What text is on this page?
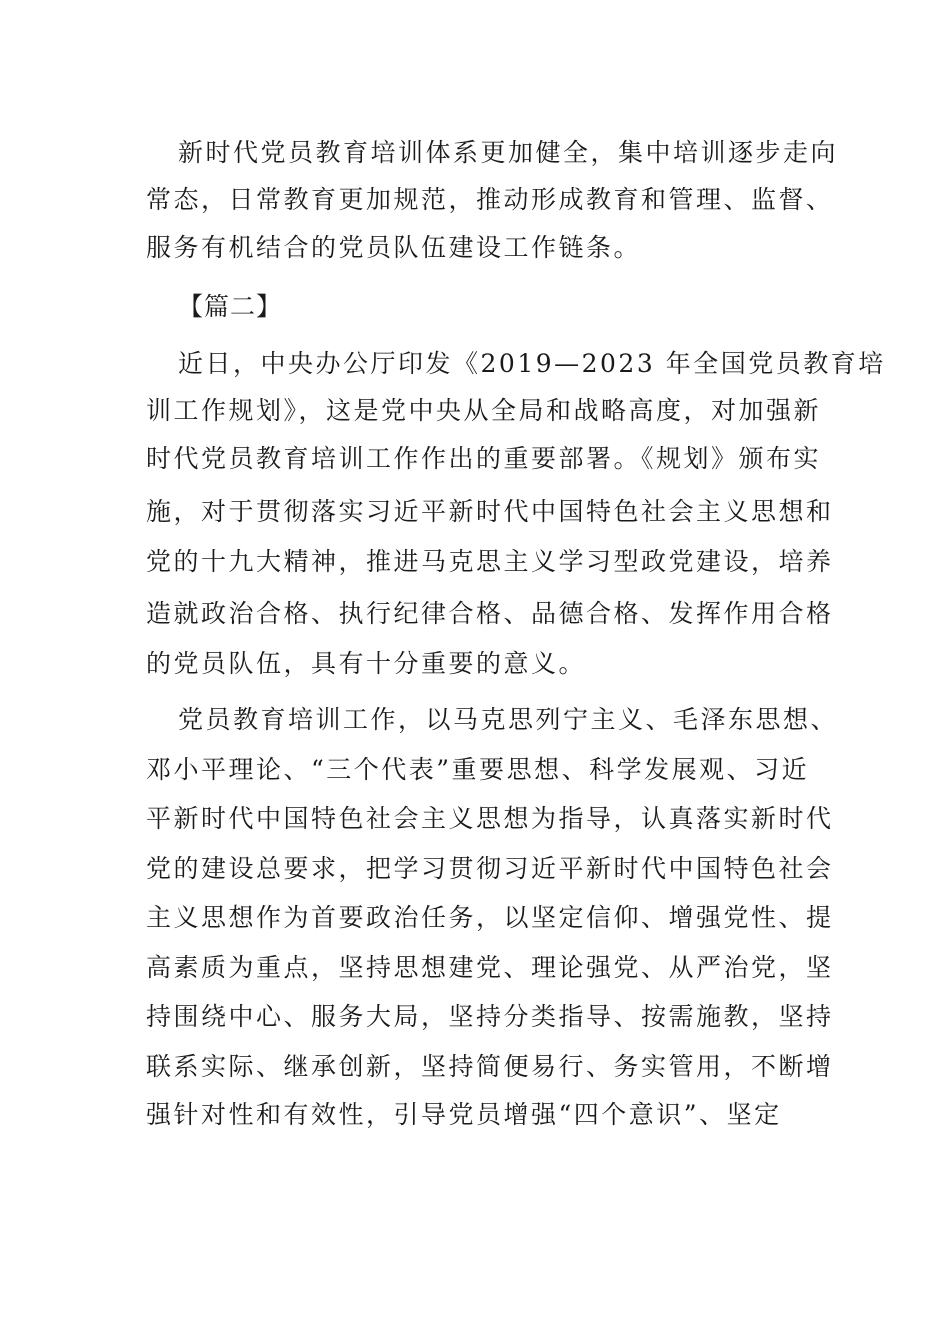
新时代党员教育培训体系更加健全，集中培训逐步走向
常态，日常教育更加规范，推动形成教育和管理、监督、
服务有机结合的党员队伍建设工作链条。
【篇二】
近日，中央办公厅印发《2019—2023 年全国党员教育培
训工作规划》，这是党中央从全局和战略高度，对加强新
时代党员教育培训工作作出的重要部署。《规划》颁布实
施，对于贯彻落实习近平新时代中国特色社会主义思想和
党的十九大精神，推进马克思主义学习型政党建设，培养
造就政治合格、执行纪律合格、品德合格、发挥作用合格
的党员队伍，具有十分重要的意义。
党员教育培训工作，以马克思列宁主义、毛泽东思想、
邓小平理论、“三个代表”重要思想、科学发展观、习近
平新时代中国特色社会主义思想为指导，认真落实新时代
党的建设总要求，把学习贯彻习近平新时代中国特色社会
主义思想作为首要政治任务，以坚定信仰、增强党性、提
高素质为重点，坚持思想建党、理论强党、从严治党，坚
持围绕中心、服务大局，坚持分类指导、按需施教，坚持
联系实际、继承创新，坚持简便易行、务实管用，不断增
强针对性和有效性，引导党员增强“四个意识”、坚定
